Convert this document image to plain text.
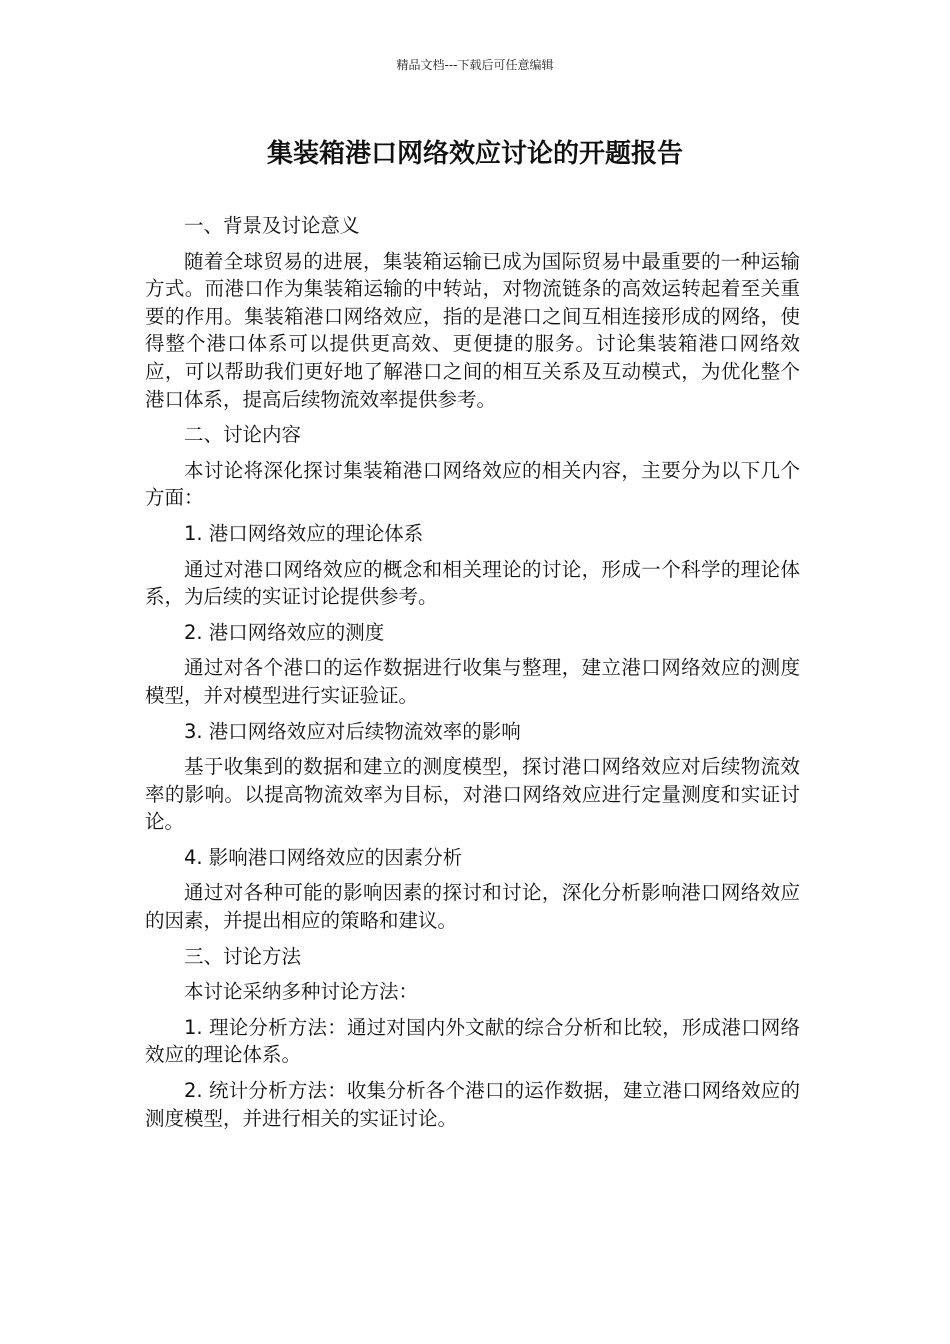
精品文档---下载后可任意编辑
集装箱港口网络效应讨论的开题报告

一、背景及讨论意义

随着全球贸易的进展，集装箱运输已成为国际贸易中最重要的一种运输方式。而港口作为集装箱运输的中转站，对物流链条的高效运转起着至关重要的作用。集装箱港口网络效应，指的是港口之间互相连接形成的网络，使得整个港口体系可以提供更高效、更便捷的服务。讨论集装箱港口网络效应，可以帮助我们更好地了解港口之间的相互关系及互动模式，为优化整个港口体系，提高后续物流效率提供参考。

二、讨论内容

本讨论将深化探讨集装箱港口网络效应的相关内容，主要分为以下几个方面：

1. 港口网络效应的理论体系

通过对港口网络效应的概念和相关理论的讨论，形成一个科学的理论体系，为后续的实证讨论提供参考。

2. 港口网络效应的测度

通过对各个港口的运作数据进行收集与整理，建立港口网络效应的测度模型，并对模型进行实证验证。

3. 港口网络效应对后续物流效率的影响

基于收集到的数据和建立的测度模型，探讨港口网络效应对后续物流效率的影响。以提高物流效率为目标，对港口网络效应进行定量测度和实证讨论。

4. 影响港口网络效应的因素分析

通过对各种可能的影响因素的探讨和讨论，深化分析影响港口网络效应的因素，并提出相应的策略和建议。

三、讨论方法

本讨论采纳多种讨论方法：

1. 理论分析方法：通过对国内外文献的综合分析和比较，形成港口网络效应的理论体系。

2. 统计分析方法：收集分析各个港口的运作数据，建立港口网络效应的测度模型，并进行相关的实证讨论。
